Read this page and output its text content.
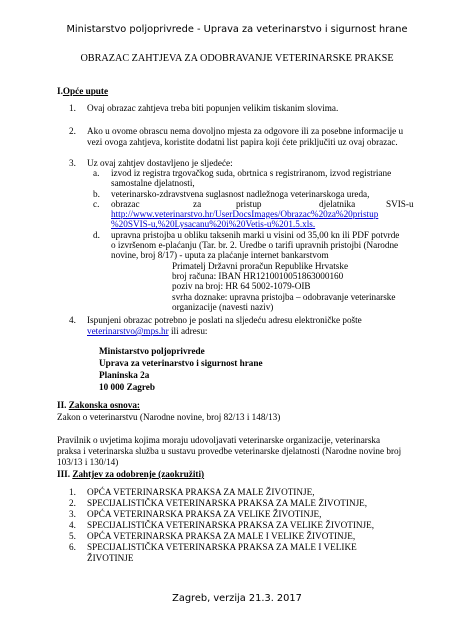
Ministarstvo poljoprivrede - Uprava za veterinarstvo i sigurnost hrane
OBRAZAC ZAHTJEVA ZA ODOBRAVANJE VETERINARSKE PRAKSE
I.Opće upute
1. Ovaj obrazac zahtjeva treba biti popunjen velikim tiskanim slovima.
2. Ako u ovome obrascu nema dovoljno mjesta za odgovore ili za posebne informacije u
vezi ovoga zahtjeva, koristite dodatni list papira koji ćete priključiti uz ovaj obrazac.
3. Uz ovaj zahtjev dostavljeno je sljedeće:
a. izvod iz registra trgovačkog suda, obrtnica s registriranom, izvod registriane
samostalne djelatnosti,
b. veterinarsko-zdravstvena suglasnost nadležnoga veterinarskoga ureda,
c. obrazac	za	pristup	djelatnika	SVIS-u
http://www.veterinarstvo.hr/UserDocsImages/Obrazac%20za%20pristup
%20SVIS-u,%20Lysacanu%20i%20Vetis-u%201.5.xls.
d. upravna pristojba u obliku taksenih marki u visini od 35,00 kn ili PDF potvrde
o izvršenom e-plaćanju (Tar. br. 2. Uredbe o tarifi upravnih pristojbi (Narodne
novine, broj 8/17) - uputa za plaćanje internet bankarstvom
Primatelj Državni proračun Republike Hrvatske
broj računa: IBAN HR1210010051863000160
poziv na broj: HR 64 5002-1079-OIB
svrha doznake: upravna pristojba – odobravanje veterinarske
organizacije (navesti naziv)
4. Ispunjeni obrazac potrebno je poslati na sljedeću adresu elektroničke pošte
veterinarstvo@mps.hr ili adresu:
Ministarstvo poljoprivrede
Uprava za veterinarstvo i sigurnost hrane
Planinska 2a
10 000 Zagreb
II. Zakonska osnova:
Zakon o veterinarstvu (Narodne novine, broj 82/13 i 148/13)
Pravilnik o uvjetima kojima moraju udovoljavati veterinarske organizacije, veterinarska
praksa i veterinarska služba u sustavu provedbe veterinarske djelatnosti (Narodne novine broj
103/13 i 130/14)
III. Zahtjev za odobrenje (zaokružiti)
1. OPĆA VETERINARSKA PRAKSA ZA MALE ŽIVOTINJE,
2. SPECIJALISTIČKA VETERINARSKA PRAKSA ZA MALE ŽIVOTINJE,
3. OPĆA VETERINARSKA PRAKSA ZA VELIKE ŽIVOTINJE,
4. SPECIJALISTIČKA VETERINARSKA PRAKSA ZA VELIKE ŽIVOTINJE,
5. OPĆA VETERINARSKA PRAKSA ZA MALE I VELIKE ŽIVOTINJE,
6. SPECIJALISTIČKA VETERINARSKA PRAKSA ZA MALE I VELIKE
ŽIVOTINJE
Zagreb, verzija 21.3. 2017
